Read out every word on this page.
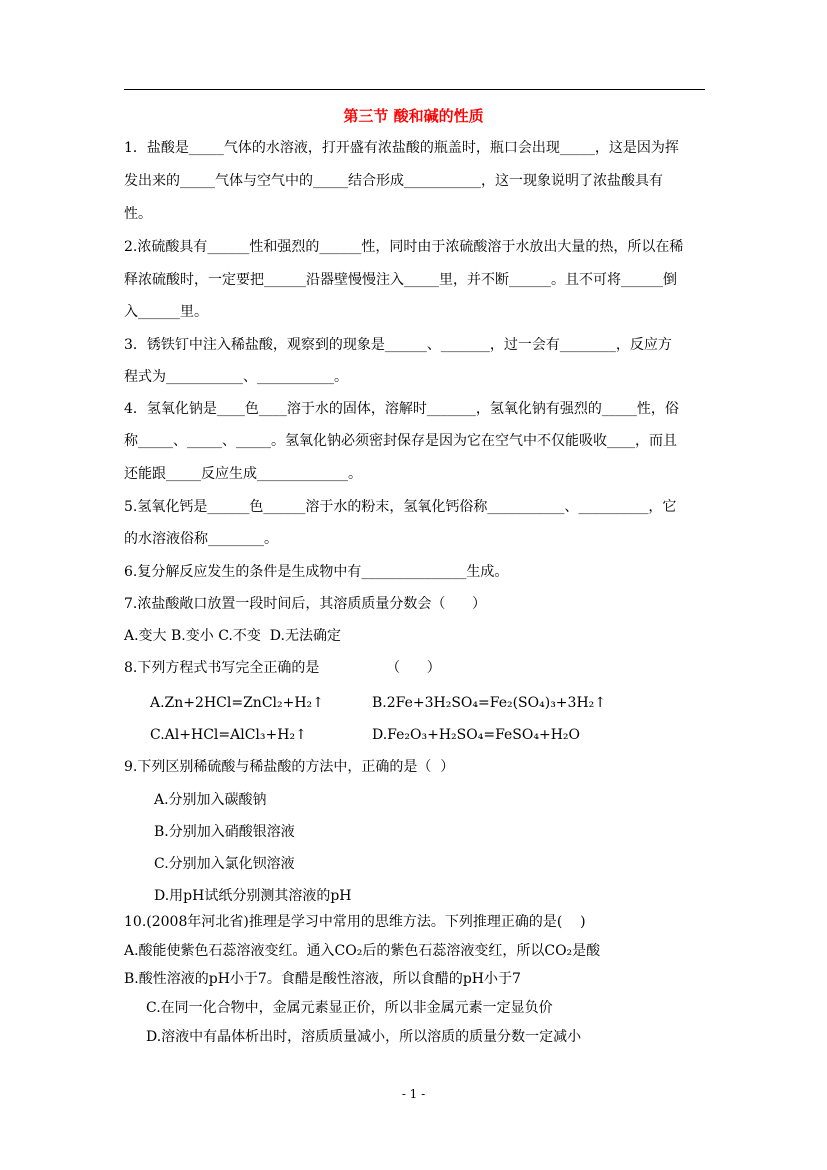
第三节 酸和碱的性质
1．盐酸是_____气体的水溶液，打开盛有浓盐酸的瓶盖时，瓶口会出现_____，这是因为挥
发出来的_____气体与空气中的_____结合形成___________，这一现象说明了浓盐酸具有
性。
2.浓硫酸具有______性和强烈的______性，同时由于浓硫酸溶于水放出大量的热，所以在稀
释浓硫酸时，一定要把______沿器壁慢慢注入_____里，并不断______。且不可将______倒
入______里。
3．锈铁钉中注入稀盐酸，观察到的现象是______、_______，过一会有________，反应方
程式为___________、___________。
4．氢氧化钠是____色____溶于水的固体，溶解时_______，氢氧化钠有强烈的_____性，俗
称_____、_____、_____。氢氧化钠必须密封保存是因为它在空气中不仅能吸收____，而且
还能跟_____反应生成_____________。
5.氢氧化钙是______色______溶于水的粉末，氢氧化钙俗称___________、__________，它
的水溶液俗称________。
6.复分解反应发生的条件是生成物中有_______________生成。
7.浓盐酸敞口放置一段时间后，其溶质质量分数会（      ）
A.变大 B.变小 C.不变  D.无法确定
8.下列方程式书写完全正确的是               （      ）
A.Zn+2HCl=ZnCl₂+H₂↑	B.2Fe+3H₂SO₄=Fe₂(SO₄)₃+3H₂↑
C.Al+HCl=AlCl₃+H₂↑	D.Fe₂O₃+H₂SO₄=FeSO₄+H₂O
9.下列区别稀硫酸与稀盐酸的方法中，正确的是（  ）
A.分别加入碳酸钠
B.分别加入硝酸银溶液
C.分别加入氯化钡溶液
D.用pH试纸分别测其溶液的pH
10.(2008年河北省)推理是学习中常用的思维方法。下列推理正确的是(    )
A.酸能使紫色石蕊溶液变红。通入CO₂后的紫色石蕊溶液变红，所以CO₂是酸
B.酸性溶液的pH小于7。食醋是酸性溶液，所以食醋的pH小于7
C.在同一化合物中，金属元素显正价，所以非金属元素一定显负价
D.溶液中有晶体析出时，溶质质量减小，所以溶质的质量分数一定减小
- 1 -
